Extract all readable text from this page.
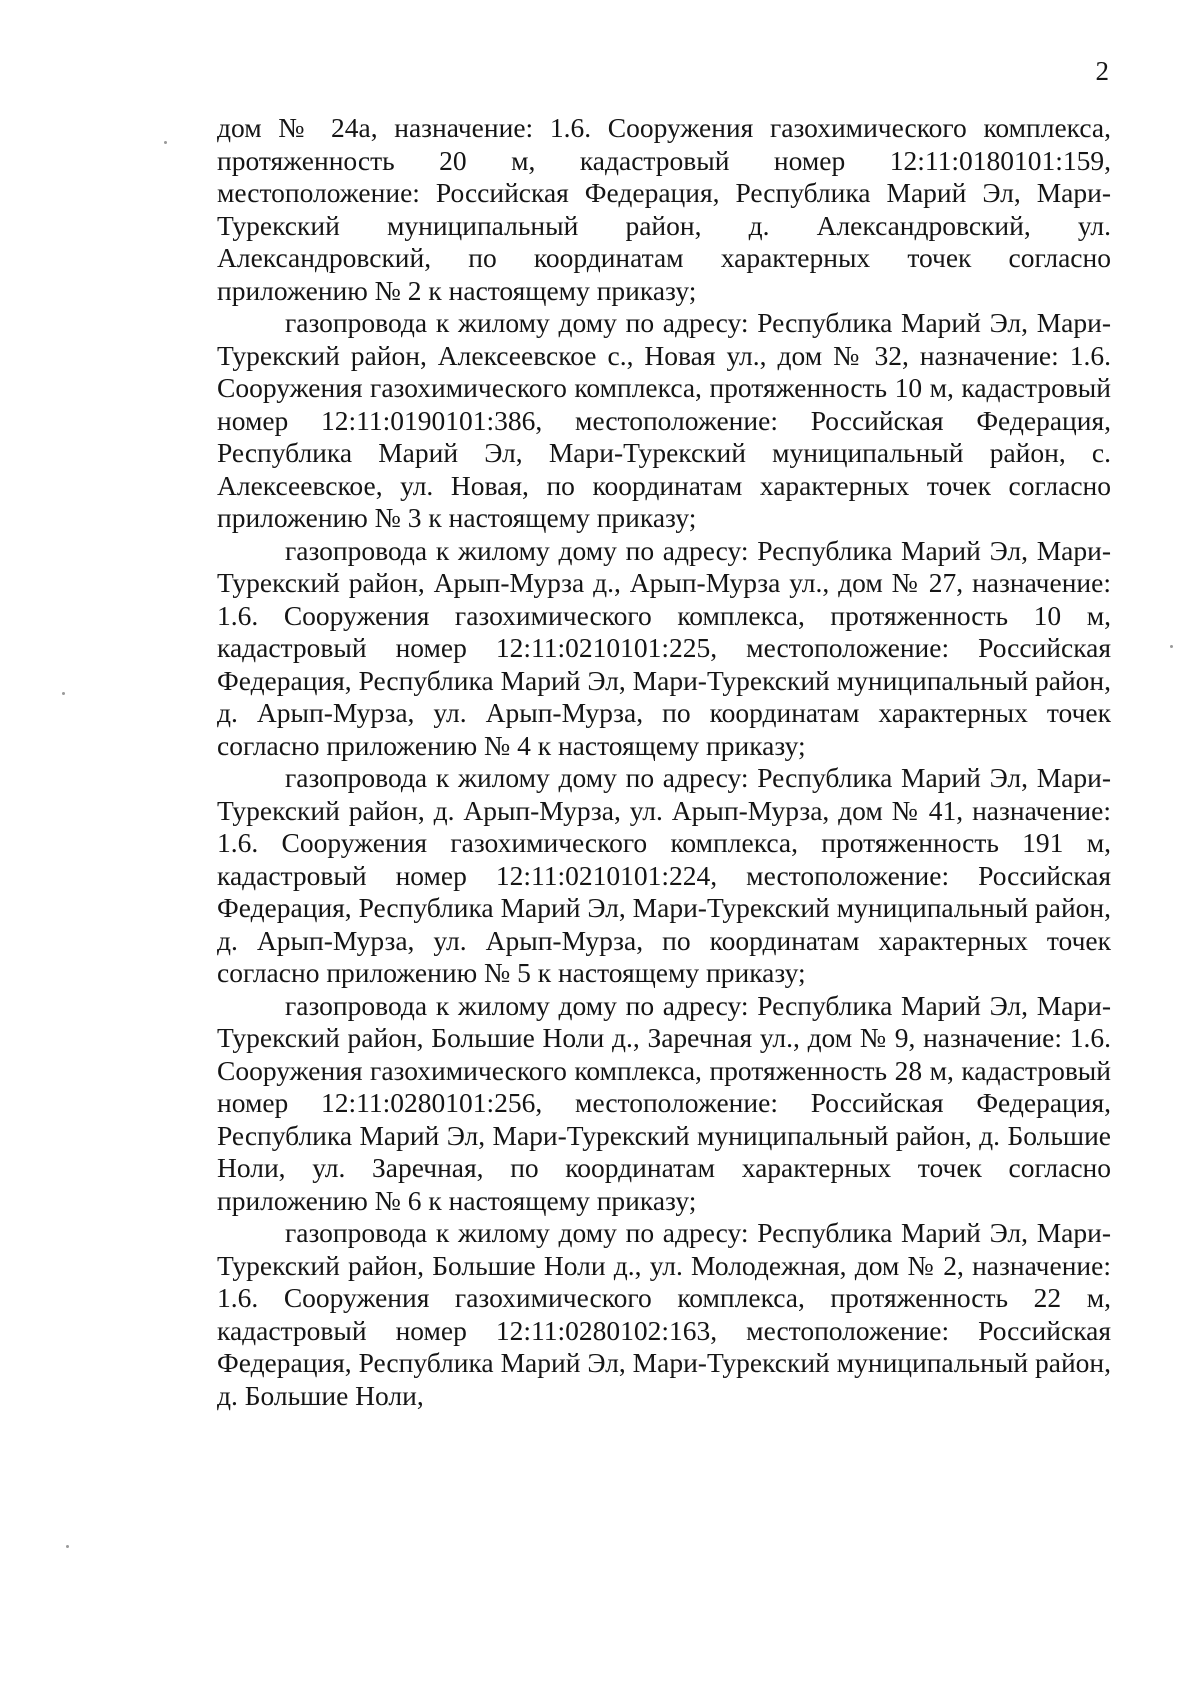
2

дом № 24а, назначение: 1.6. Сооружения газохимического комплекса, протяженность 20 м, кадастровый номер 12:11:0180101:159, местоположение: Российская Федерация, Республика Марий Эл, Мари-Турекский муниципальный район, д. Александровский, ул. Александровский, по координатам характерных точек согласно приложению № 2 к настоящему приказу;

газопровода к жилому дому по адресу: Республика Марий Эл, Мари-Турекский район, Алексеевское с., Новая ул., дом № 32, назначение: 1.6. Сооружения газохимического комплекса, протяженность 10 м, кадастровый номер 12:11:0190101:386, местоположение: Российская Федерация, Республика Марий Эл, Мари-Турекский муниципальный район, с. Алексеевское, ул. Новая, по координатам характерных точек согласно приложению № 3 к настоящему приказу;

газопровода к жилому дому по адресу: Республика Марий Эл, Мари-Турекский район, Арып-Мурза д., Арып-Мурза ул., дом № 27, назначение: 1.6. Сооружения газохимического комплекса, протяженность 10 м, кадастровый номер 12:11:0210101:225, местоположение: Российская Федерация, Республика Марий Эл, Мари-Турекский муниципальный район, д. Арып-Мурза, ул. Арып-Мурза, по координатам характерных точек согласно приложению № 4 к настоящему приказу;

газопровода к жилому дому по адресу: Республика Марий Эл, Мари-Турекский район, д. Арып-Мурза, ул. Арып-Мурза, дом № 41, назначение: 1.6. Сооружения газохимического комплекса, протяженность 191 м, кадастровый номер 12:11:0210101:224, местоположение: Российская Федерация, Республика Марий Эл, Мари-Турекский муниципальный район, д. Арып-Мурза, ул. Арып-Мурза, по координатам характерных точек согласно приложению № 5 к настоящему приказу;

газопровода к жилому дому по адресу: Республика Марий Эл, Мари-Турекский район, Большие Ноли д., Заречная ул., дом № 9, назначение: 1.6. Сооружения газохимического комплекса, протяженность 28 м, кадастровый номер 12:11:0280101:256, местоположение: Российская Федерация, Республика Марий Эл, Мари-Турекский муниципальный район, д. Большие Ноли, ул. Заречная, по координатам характерных точек согласно приложению № 6 к настоящему приказу;

газопровода к жилому дому по адресу: Республика Марий Эл, Мари-Турекский район, Большие Ноли д., ул. Молодежная, дом № 2, назначение: 1.6. Сооружения газохимического комплекса, протяженность 22 м, кадастровый номер 12:11:0280102:163, местоположение: Российская Федерация, Республика Марий Эл, Мари-Турекский муниципальный район, д. Большие Ноли,
